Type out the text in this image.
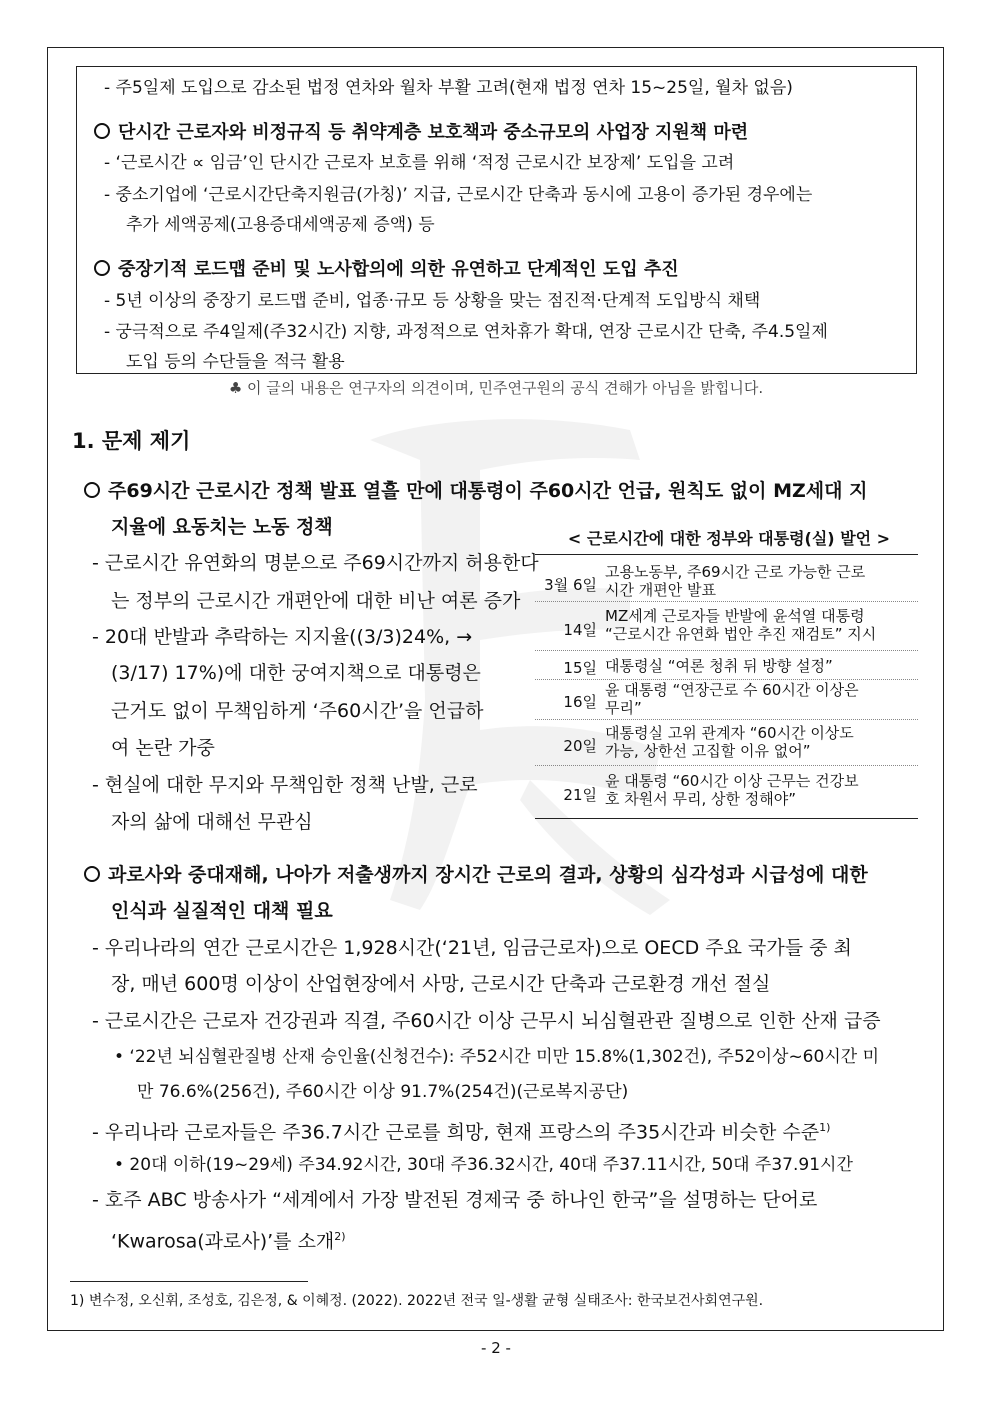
- 주5일제 도입으로 감소된 법정 연차와 월차 부활 고려(현재 법정 연차 15~25일, 월차 없음)
단시간 근로자와 비정규직 등 취약계층 보호책과 중소규모의 사업장 지원책 마련
- ‘근로시간 ∝ 임금’인 단시간 근로자 보호를 위해 ‘적정 근로시간 보장제’ 도입을 고려
- 중소기업에 ‘근로시간단축지원금(가칭)’ 지급, 근로시간 단축과 동시에 고용이 증가된 경우에는
추가 세액공제(고용증대세액공제 증액) 등
중장기적 로드맵 준비 및 노사합의에 의한 유연하고 단계적인 도입 추진
- 5년 이상의 중장기 로드맵 준비, 업종·규모 등 상황을 맞는 점진적·단계적 도입방식 채택
- 궁극적으로 주4일제(주32시간) 지향, 과정적으로 연차휴가 확대, 연장 근로시간 단축, 주4.5일제
도입 등의 수단들을 적극 활용
♣ 이 글의 내용은 연구자의 의견이며, 민주연구원의 공식 견해가 아님을 밝힙니다.
1. 문제 제기
주69시간 근로시간 정책 발표 열흘 만에 대통령이 주60시간 언급, 원칙도 없이 MZ세대 지
지율에 요동치는 노동 정책
- 근로시간 유연화의 명분으로 주69시간까지 허용한다
는 정부의 근로시간 개편안에 대한 비난 여론 증가
- 20대 반발과 추락하는 지지율((3/3)24%, →
(3/17) 17%)에 대한 궁여지책으로 대통령은
근거도 없이 무책임하게 ‘주60시간’을 언급하
여 논란 가중
- 현실에 대한 무지와 무책임한 정책 난발, 근로
자의 삶에 대해선 무관심
< 근로시간에 대한 정부와 대통령(실) 발언 >
3월 6일
고용노동부, 주69시간 근로 가능한 근로
시간 개편안 발표
14일
MZ세계 근로자들 반발에 윤석열 대통령
“근로시간 유연화 법안 추진 재검토” 지시
15일 대통령실 “여론 청취 뒤 방향 설정”
16일
윤 대통령 “연장근로 수 60시간 이상은
무리”
20일
대통령실 고위 관계자 “60시간 이상도
가능, 상한선 고집할 이유 없어”
21일
윤 대통령 “60시간 이상 근무는 건강보
호 차원서 무리, 상한 정해야”
과로사와 중대재해, 나아가 저출생까지 장시간 근로의 결과, 상황의 심각성과 시급성에 대한
인식과 실질적인 대책 필요
- 우리나라의 연간 근로시간은 1,928시간(‘21년, 임금근로자)으로 OECD 주요 국가들 중 최
장, 매년 600명 이상이 산업현장에서 사망, 근로시간 단축과 근로환경 개선 절실
- 근로시간은 근로자 건강권과 직결, 주60시간 이상 근무시 뇌심혈관관 질병으로 인한 산재 급증
• ‘22년 뇌심혈관질병 산재 승인율(신청건수): 주52시간 미만 15.8%(1,302건), 주52이상~60시간 미
만 76.6%(256건), 주60시간 이상 91.7%(254건)(근로복지공단)
- 우리나라 근로자들은 주36.7시간 근로를 희망, 현재 프랑스의 주35시간과 비슷한 수준$^{1)}$
• 20대 이하(19~29세) 주34.92시간, 30대 주36.32시간, 40대 주37.11시간, 50대 주37.91시간
- 호주 ABC 방송사가 “세계에서 가장 발전된 경제국 중 하나인 한국”을 설명하는 단어로
‘Kwarosa(과로사)’를 소개$^{2)}$
1) 변수정, 오신휘, 조성호, 김은정, & 이혜정. (2022). 2022년 전국 일-생활 균형 실태조사: 한국보건사회연구원.
- 2 -
